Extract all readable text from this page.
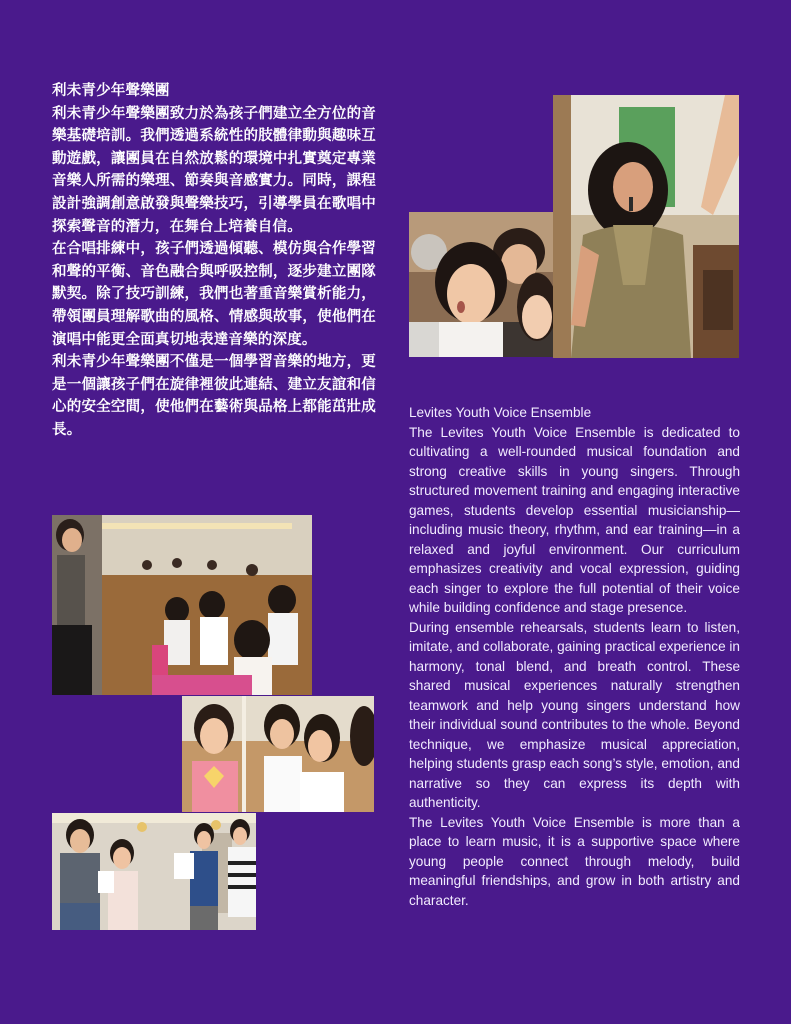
利未青少年聲樂團

利未青少年聲樂團致力於為孩子們建立全方位的音樂基礎培訓。我們透過系統性的肢體律動與趣味互動遊戲，讓團員在自然放鬆的環境中扎實奠定專業音樂人所需的樂理、節奏與音感實力。同時，課程設計強調創意啟發與聲樂技巧，引導學員在歌唱中探索聲音的潛力，在舞台上培養自信。

在合唱排練中，孩子們透過傾聽、模仿與合作學習和聲的平衡、音色融合與呼吸控制，逐步建立團隊默契。除了技巧訓練，我們也著重音樂賞析能力，帶領團員理解歌曲的風格、情感與故事，使他們在演唱中能更全面真切地表達音樂的深度。

利未青少年聲樂團不僅是一個學習音樂的地方，更是一個讓孩子們在旋律裡彼此連結、建立友誼和信心的安全空間，使他們在藝術與品格上都能茁壯成長。

Levites Youth Voice Ensemble

The Levites Youth Voice Ensemble is dedicated to cultivating a well-rounded musical foundation and strong creative skills in young singers. Through structured movement training and engaging interactive games, students develop essential musicianship—including music theory, rhythm, and ear training—in a relaxed and joyful environment. Our curriculum emphasizes creativity and vocal expression, guiding each singer to explore the full potential of their voice while building confidence and stage presence.

During ensemble rehearsals, students learn to listen, imitate, and collaborate, gaining practical experience in harmony, tonal blend, and breath control. These shared musical experiences naturally strengthen teamwork and help young singers understand how their individual sound contributes to the whole. Beyond technique, we emphasize musical appreciation, helping students grasp each song’s style, emotion, and narrative so they can express its depth with authenticity.

The Levites Youth Voice Ensemble is more than a place to learn music, it is a supportive space where young people connect through melody, build meaningful friendships, and grow in both artistry and character.
